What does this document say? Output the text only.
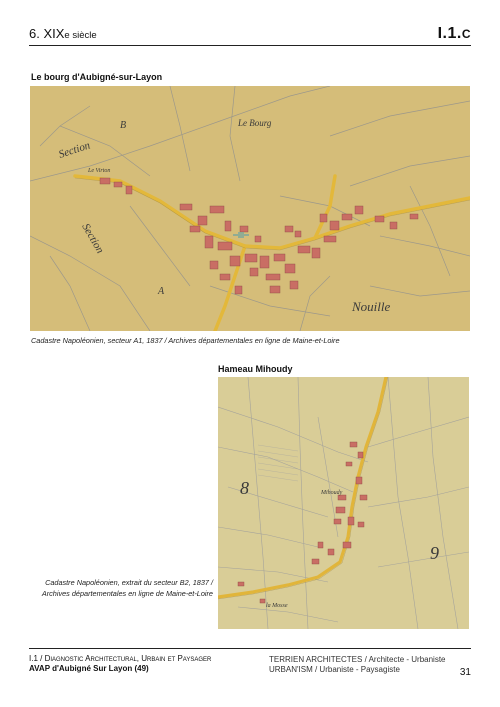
6. XIXe siècle	I.1.C
Le bourg d'Aubigné-sur-Layon
Section
Section
Le Bourg
B
A
Nouille
Le Virton
Cadastre Napoléonien, secteur A1, 1837 / Archives départementales en ligne de Maine-et-Loire
Hameau Mihoudy
Mihoudy
8
9
la Mosse
Cadastre Napoléonien, extrait du secteur B2, 1837 / Archives départementales en ligne de Maine-et-Loire
I.1 / Diagnostic Architectural, Urbain et Paysager
AVAP d'Aubigné Sur Layon (49)
TERRIEN ARCHITECTES / Architecte - Urbaniste
URBAN'ISM / Urbaniste - Paysagiste	31
